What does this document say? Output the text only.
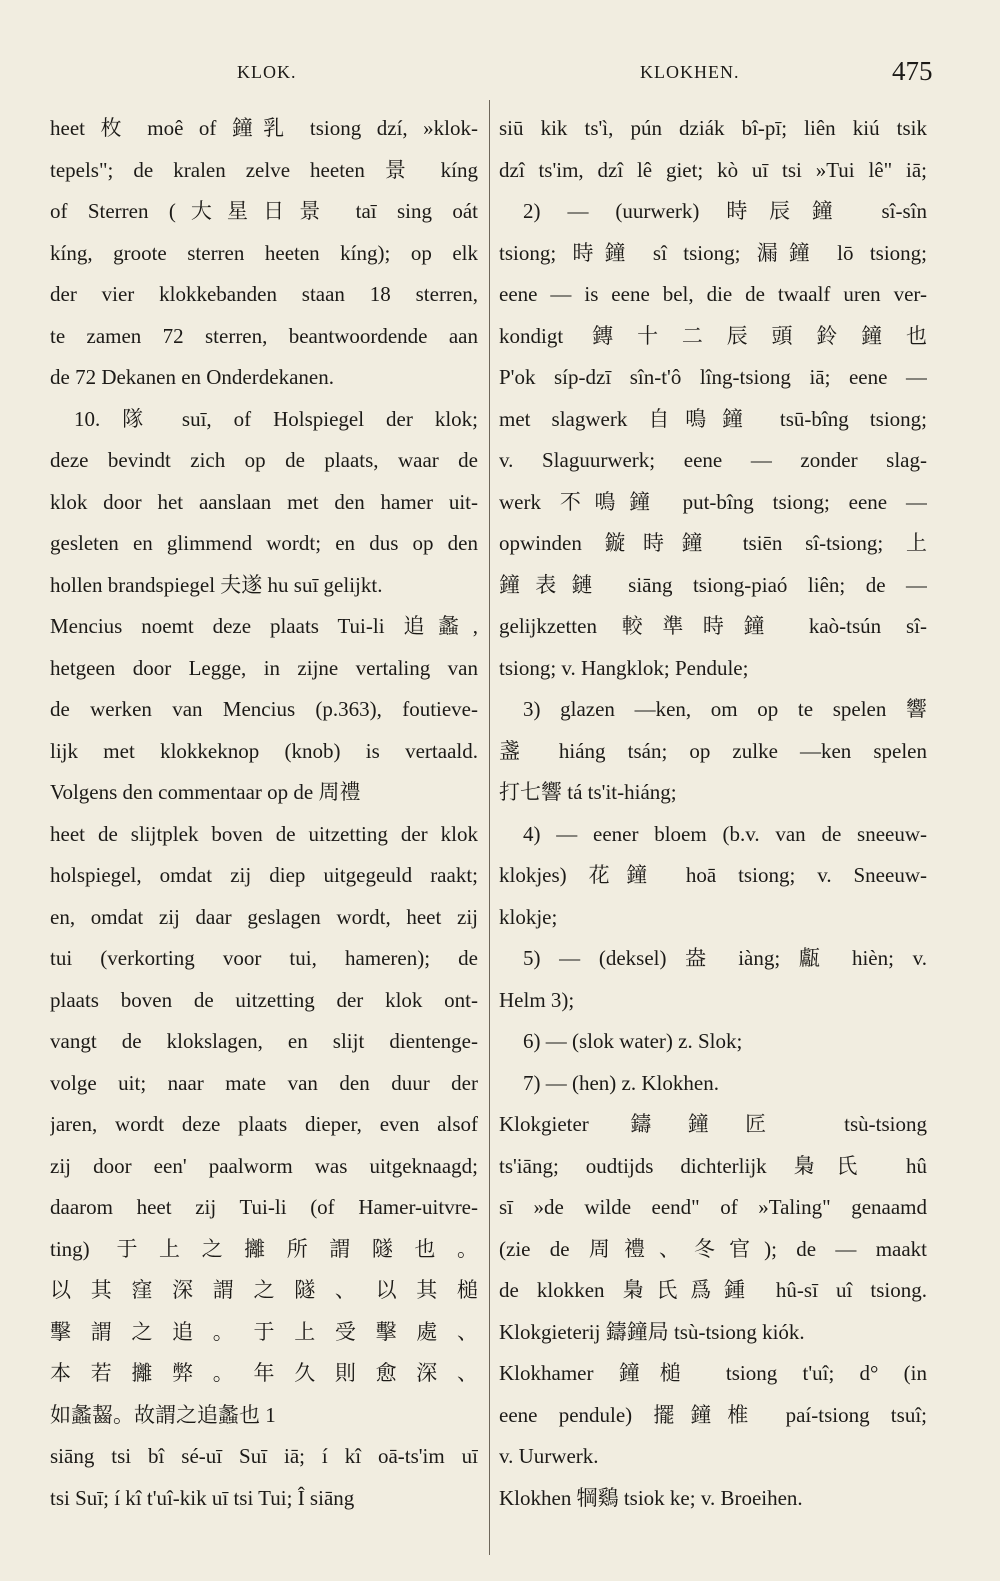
KLOK.	KLOKHEN.	475
heet 枚 moê of 鐘乳 tsiong dzí, »klok-
tepels"; de kralen zelve heeten 景 kíng
of Sterren (大星日景 taī sing oát
kíng, groote sterren heeten kíng); op elk
der vier klokkebanden staan 18 sterren,
te zamen 72 sterren, beantwoordende aan
de 72 Dekanen en Onderdekanen.
10. 隊 suī, of Holspiegel der klok;
deze bevindt zich op de plaats, waar de
klok door het aanslaan met den hamer uit-
gesleten en glimmend wordt; en dus op den
hollen brandspiegel 夫遂 hu suī gelijkt.
Mencius noemt deze plaats Tui-li 追蠡,
hetgeen door Legge, in zijne vertaling van
de werken van Mencius (p.363), foutieve-
lijk met klokkeknop (knob) is vertaald.
Volgens den commentaar op de 周禮
heet de slijtplek boven de uitzetting der klok
holspiegel, omdat zij diep uitgegeuld raakt;
en, omdat zij daar geslagen wordt, heet zij
tui (verkorting voor tui, hameren); de
plaats boven de uitzetting der klok ont-
vangt de klokslagen, en slijt dientenge-
volge uit; naar mate van den duur der
jaren, wordt deze plaats dieper, even alsof
zij door een' paalworm was uitgeknaagd;
daarom heet zij Tui-li (of Hamer-uitvre-
ting) 于上之攡所謂隧也。
以其窪深謂之隧、以其槌
擊謂之追。于上受擊處、
本若攡弊。年久則愈深、
如蠡齧。故謂之追蠡也 1
siāng tsi bî sé-uī Suī iā; í kî oā-ts'im uī
tsi Suī; í kî t'uî-kik uī tsi Tui; Î siāng
siū kik ts'ì, pún dziák bî-pī; liên kiú tsik
dzî ts'im, dzî lê giet; kò uī tsi »Tui lê" iā;
2) — (uurwerk) 時辰鐘 sî-sîn
tsiong; 時鐘 sî tsiong; 漏鐘 lō tsiong;
eene — is eene bel, die de twaalf uren ver-
kondigt 鏄十二辰頭鈴鐘也
P'ok síp-dzī sîn-t'ô lîng-tsiong iā; eene —
met slagwerk 自鳴鐘 tsū-bîng tsiong;
v. Slaguurwerk; eene — zonder slag-
werk 不鳴鐘 put-bîng tsiong; eene —
opwinden 鏇時鐘 tsiēn sî-tsiong; 上
鐘表鏈 siāng tsiong-piaó liên; de —
gelijkzetten 較準時鐘 kaò-tsún sî-
tsiong; v. Hangklok; Pendule;
3) glazen —ken, om op te spelen 響
盞 hiáng tsán; op zulke —ken spelen
打七響 tá ts'it-hiáng;
4) — eener bloem (b.v. van de sneeuw-
klokjes) 花鐘 hoā tsiong; v. Sneeuw-
klokje;
5) — (deksel) 盎 iàng; 甗 hièn; v.
Helm 3);
6) — (slok water) z. Slok;
7) — (hen) z. Klokhen.
Klokgieter 鑄鐘匠 tsù-tsiong
ts'iāng; oudtijds dichterlijk 梟氏 hû
sī »de wilde eend" of »Taling" genaamd
(zie de 周禮、冬官); de — maakt
de klokken 梟氏爲鍾 hû-sī uî tsiong.
Klokgieterij 鑄鐘局 tsù-tsiong kiók.
Klokhamer 鐘槌 tsiong t'uî; d° (in
eene pendule) 擺鐘椎 paí-tsiong tsuî;
v. Uurwerk.
Klokhen 犅鷄 tsiok ke; v. Broeihen.
